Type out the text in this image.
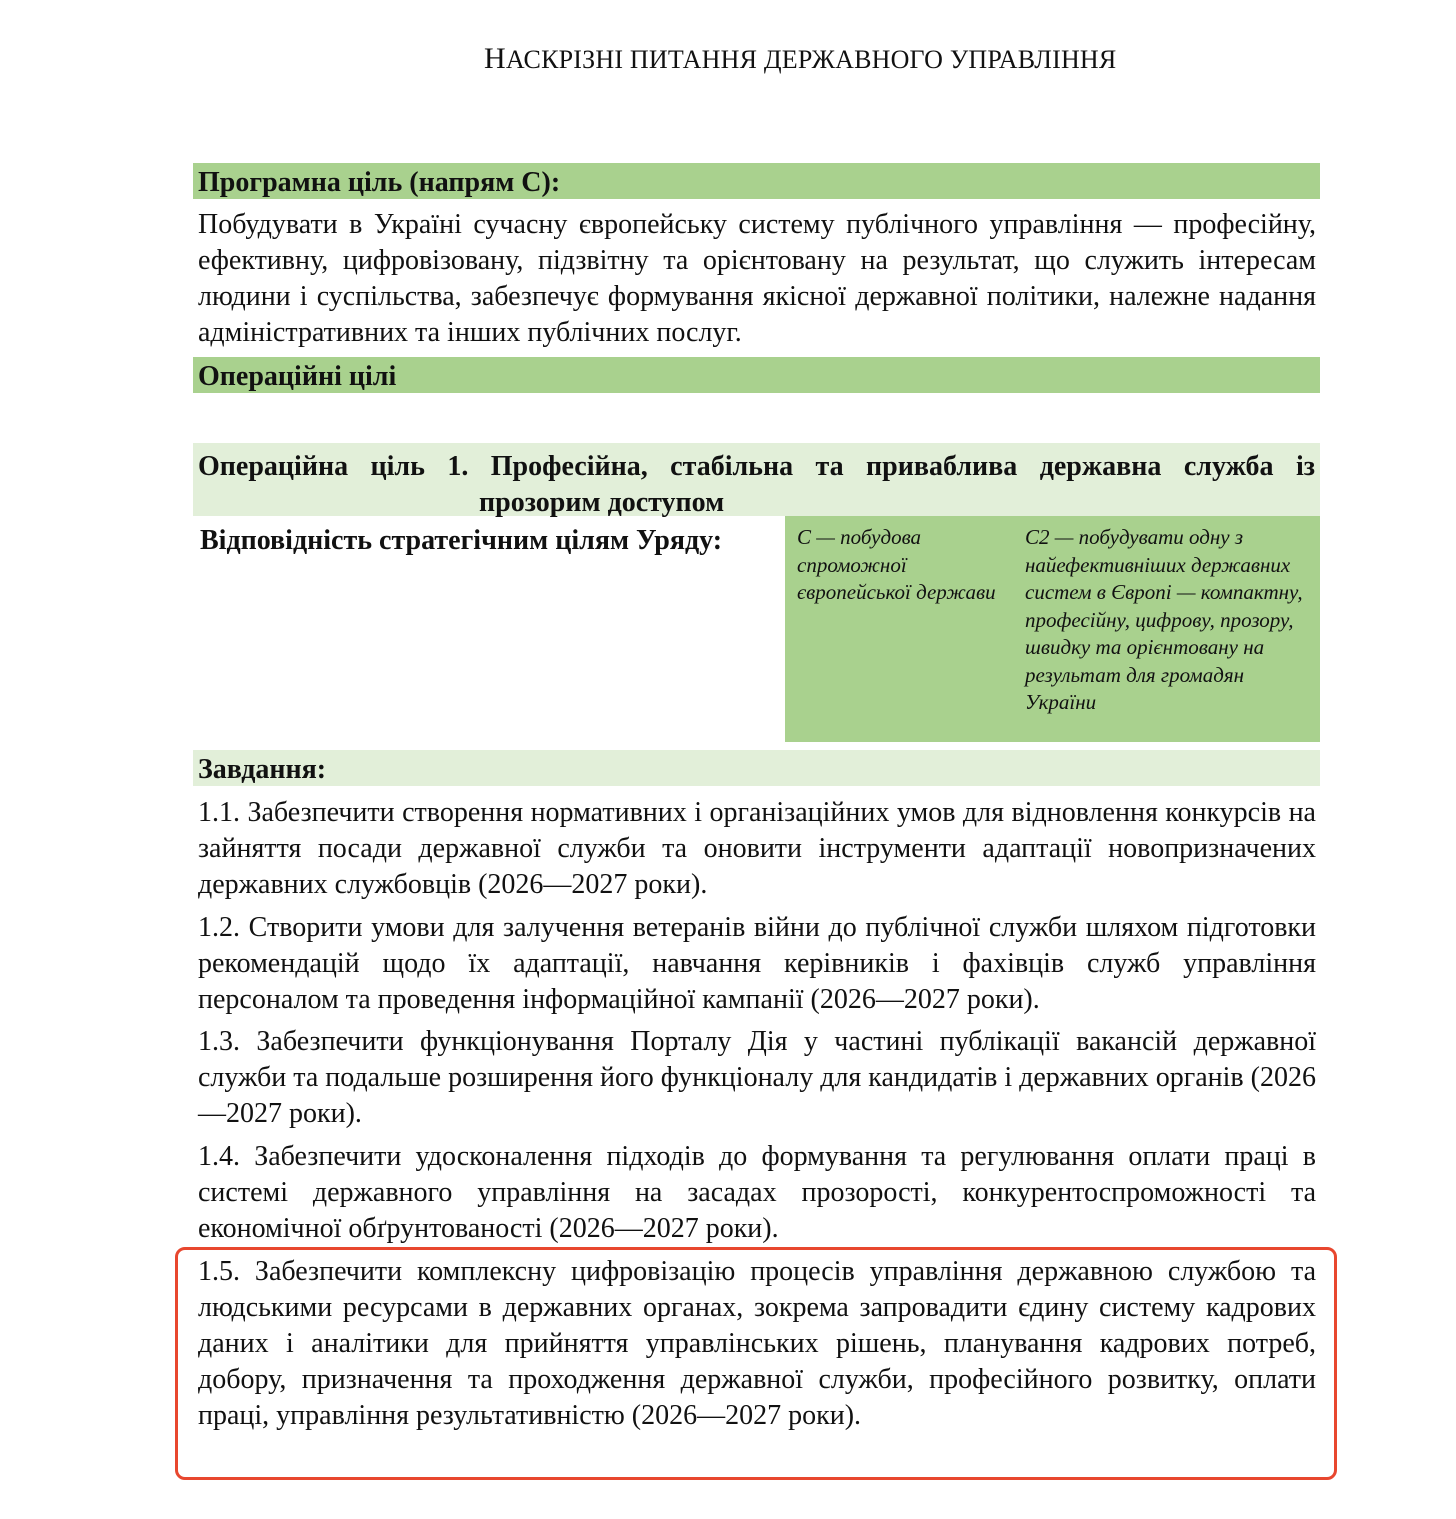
НАСКРІЗНІ ПИТАННЯ ДЕРЖАВНОГО УПРАВЛІННЯ
Програмна ціль (напрям С):
Побудувати в Україні сучасну європейську систему публічного управління — професійну, ефективну, цифровізовану, підзвітну та орієнтовану на результат, що служить інтересам людини і суспільства, забезпечує формування якісної державної політики, належне надання адміністративних та інших публічних послуг.
Операційні цілі
Операційна ціль 1. Професійна, стабільна та приваблива державна служба із
прозорим доступом
Відповідність стратегічним цілям Уряду:	С — побудова спроможної європейської держави
С2 — побудувати одну з найефективніших державних систем в Європі — компактну, професійну, цифрову, прозору, швидку та орієнтовану на результат для громадян України
Завдання:
1.1. Забезпечити створення нормативних і організаційних умов для відновлення конкурсів на зайняття посади державної служби та оновити інструменти адаптації новопризначених державних службовців (2026—2027 роки).
1.2. Створити умови для залучення ветеранів війни до публічної служби шляхом підготовки рекомендацій щодо їх адаптації, навчання керівників і фахівців служб управління персоналом та проведення інформаційної кампанії (2026—2027 роки).
1.3. Забезпечити функціонування Порталу Дія у частині публікації вакансій державної служби та подальше розширення його функціоналу для кандидатів і державних органів (2026—2027 роки).
1.4. Забезпечити удосконалення підходів до формування та регулювання оплати праці в системі державного управління на засадах прозорості, конкурентоспроможності та економічної обґрунтованості (2026—2027 роки).
1.5. Забезпечити комплексну цифровізацію процесів управління державною службою та людськими ресурсами в державних органах, зокрема запровадити єдину систему кадрових даних і аналітики для прийняття управлінських рішень, планування кадрових потреб, добору, призначення та проходження державної служби, професійного розвитку, оплати праці, управління результативністю (2026—2027 роки).
